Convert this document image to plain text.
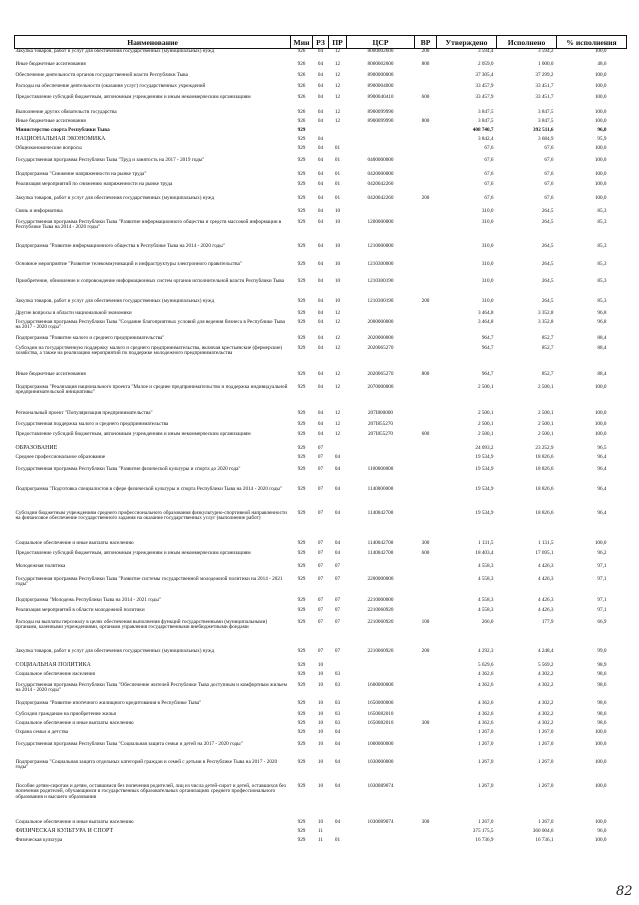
Наименование	Мин	РЗ	ПР	ЦСР	ВР	Утверждено	Исполнено	% исполнения
Закупка товаров, работ и услуг для обеспечения государственных (муниципальных) нужд	926	04	12	8000002600	200	3 594,4	3 594,2	100,0
Иные бюджетные ассигнования	926	04	12	8000002600	800	2 059,0	1 000,0	48,6
Обеспечение деятельности органов государственной власти Республики Тыва	926	04	12	8900000000		37 305,4	37 299,2	100,0
Расходы на обеспечение деятельности (оказания услуг) государственных учреждений	926	04	12	8900004000		33 457,9	33 451,7	100,0
Предоставление субсидий бюджетным, автономным учреждениям и иным некоммерческим организациям	926	04	12	8900040410	600	33 457,9	33 451,7	100,0
Выполнение других обязательств государства	926	04	12	8900099990		3 847,5	3 847,5	100,0
Иные бюджетные ассигнования	926	04	12	8900099990	800	3 847,5	3 847,5	100,0
Министерство спорта Республики Тыва	929					408 740,7	392 511,6	96,0
НАЦИОНАЛЬНАЯ ЭКОНОМИКА	929	04				3 842,4	3 684,9	95,9
Общеэкономические вопросы	929	04	01			67,6	67,6	100,0
Государственная программа Республики Тыва "Труд и занятость на 2017 - 2019 годы"	929	04	01	0400000000		67,6	67,6	100,0
Подпрограмма "Снижение напряженности на рынке труда"	929	04	01	0420000000		67,6	67,6	100,0
Реализация мероприятий по снижению напряженности на рынке труда	929	04	01	0420042260		67,6	67,6	100,0
Закупка товаров, работ и услуг для обеспечения государственных (муниципальных) нужд	929	04	01	0420042260	200	67,6	67,6	100,0
Связь и информатика	929	04	10			310,0	264,5	85,3
Государственная программа Республики Тыва "Развитие информационного общества и средств массовой информации в Республике Тыва на 2014 - 2020 годы"	929	04	10	1200000000		310,0	264,5	85,3
Подпрограмма "Развитие информационного общества в Республике Тыва на 2014 - 2020 годы"	929	04	10	1210000000		310,0	264,5	85,3
Основное мероприятие "Развитие телекоммуникаций и инфраструктуры электронного правительства"	929	04	10	1210300000		310,0	264,5	85,3
Приобретение, обновление и сопровождение информационных систем органов исполнительной власти Республики Тыва	929	04	10	1210300190		310,0	264,5	85,3
Закупка товаров, работ и услуг для обеспечения государственных (муниципальных) нужд	929	04	10	1210300190	200	310,0	264,5	85,3
Другие вопросы в области национальной экономики	929	04	12			3 464,8	3 352,8	96,8
Государственная программа Республики Тыва "Создание благоприятных условий для ведения бизнеса в Республике Тыва на 2017 - 2020 годы"	929	04	12	2000000000		3 464,8	3 352,8	96,8
Подпрограмма "Развитие малого и среднего предпринимательства"	929	04	12	2020000000		964,7	852,7	88,4
Субсидии на государственную поддержку малого и среднего предпринимательства, включая крестьянские (фермерские) хозяйства, а также на реализацию мероприятий по поддержке молодежного предпринимательства	929	04	12	2020065270		964,7	852,7	88,4
Иные бюджетные ассигнования	929	04	12	2020065270	800	964,7	852,7	88,4
Подпрограмма "Реализация национального проекта "Малое и среднее предпринимательство и поддержка индивидуальной предпринимательской инициативы"	929	04	12	2070000000		2 500,1	2 500,1	100,0
Региональный проект "Популяризация предпринимательства"	929	04	12	207I800000		2 500,1	2 500,1	100,0
Государственная поддержка малого и среднего предпринимательства	929	04	12	207I855270		2 500,1	2 500,1	100,0
Предоставление субсидий бюджетным, автономным учреждениям и иным некоммерческим организациям	929	04	12	207I855270	600	2 500,1	2 500,1	100,0
ОБРАЗОВАНИЕ	929	07				24 093,2	23 252,9	96,5
Среднее профессиональное образование	929	07	04			19 534,9	18 826,6	96,4
Государственная программа Республики Тыва "Развитие физической культуры и спорта до 2020 года"	929	07	04	1100000000		19 534,9	18 826,6	96,4
Подпрограмма "Подготовка специалистов в сфере физической культуры и спорта Республики Тыва на 2014 - 2020 годы"	929	07	04	1140000000		19 534,9	18 826,6	96,4
Субсидии бюджетным учреждениям среднего профессионального образования физкультурно-спортивной направленности на финансовое обеспечение государственного задания на оказание государственных услуг (выполнение работ)	929	07	04	1140042700		19 534,9	18 826,6	96,4
Социальное обеспечение и иные выплаты населению	929	07	04	1140042700	300	1 131,5	1 131,5	100,0
Предоставление субсидий бюджетным, автономным учреждениям и иным некоммерческим организациям	929	07	04	1140042700	600	18 403,4	17 695,1	96,2
Молодежная политика	929	07	07			4 558,3	4 426,3	97,1
Государственная программа Республики Тыва "Развитие системы государственной молодежной политики на 2014 - 2021 годы"	929	07	07	2200000000		4 558,3	4 426,3	97,1
Подпрограмма "Молодежь Республики Тыва на 2014 - 2021 годы"	929	07	07	2210000000		4 558,3	4 426,3	97,1
Реализация мероприятий в области молодежной политики	929	07	07	2210060920		4 558,3	4 426,3	97,1
Расходы на выплаты персоналу в целях обеспечения выполнения функций государственными (муниципальными) органами, казенными учреждениями, органами управления государственными внебюджетными фондами	929	07	07	2210060920	100	266,0	177,9	66,9
Закупка товаров, работ и услуг для обеспечения государственных (муниципальных) нужд	929	07	07	2210060920	200	4 292,3	4 248,4	99,0
СОЦИАЛЬНАЯ ПОЛИТИКА	929	10				5 629,6	5 569,2	98,9
Социальное обеспечение населения	929	10	03			4 362,6	4 302,2	98,6
Государственная программа Республики Тыва "Обеспечение жителей Республики Тыва доступным и комфортным жильем на 2014 - 2020 годы"	929	10	03	1600000000		4 362,6	4 302,2	98,6
Подпрограмма "Развитие ипотечного жилищного кредитования в Республике Тыва"	929	10	03	1650000000		4 362,6	4 302,2	98,6
Субсидии гражданам на приобретение жилья	929	10	03	1650082010		4 362,6	4 302,2	98,6
Социальное обеспечение и иные выплаты населению	929	10	03	1650082010	300	4 362,6	4 302,2	98,6
Охрана семьи и детства	929	10	04			1 267,0	1 267,0	100,0
Государственная программа Республики Тыва "Социальная защита семьи и детей на 2017 - 2020 годы"	929	10	04	1000000000		1 267,0	1 267,0	100,0
Подпрограмма "Социальная защита отдельных категорий граждан и семей с детьми в Республике Тыва на 2017 - 2020 годы"	929	10	04	1030000000		1 267,0	1 267,0	100,0
Пособие детям-сиротам и детям, оставшимся без попечения родителей, лиц из числа детей-сирот и детей, оставшихся без попечения родителей, обучающимся в государственных образовательных организациях среднего профессионального образования и высшего образования	929	10	04	1030089074		1 267,0	1 267,0	100,0
Социальное обеспечение и иные выплаты населению	929	10	04	1030089074	300	1 267,0	1 267,0	100,0
ФИЗИЧЕСКАЯ КУЛЬТУРА И СПОРТ	929	11				375 175,5	360 004,6	96,0
Физическая культура	929	11	01			16 736,9	16 736,1	100,0
82
